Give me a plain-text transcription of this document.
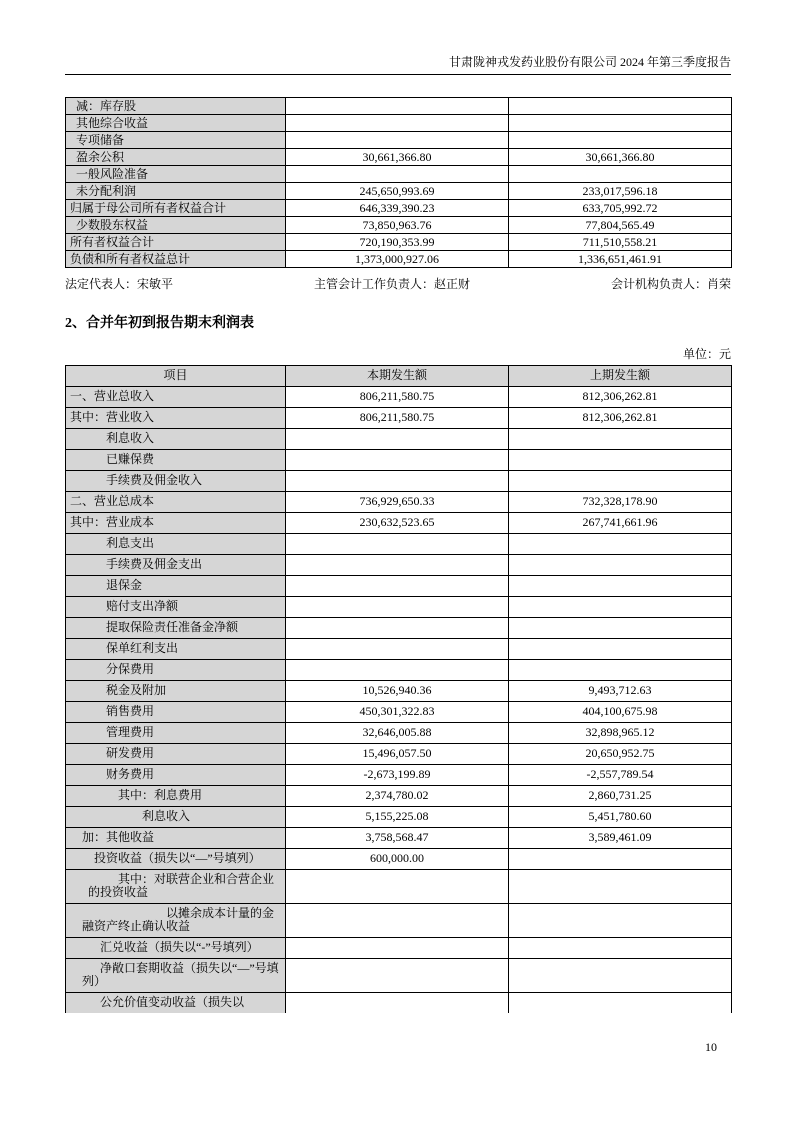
甘肃陇神戎发药业股份有限公司 2024 年第三季度报告
减：库存股		
其他综合收益		
专项储备		
盈余公积	30,661,366.80	30,661,366.80
一般风险准备		
未分配利润	245,650,993.69	233,017,596.18
归属于母公司所有者权益合计	646,339,390.23	633,705,992.72
少数股东权益	73,850,963.76	77,804,565.49
所有者权益合计	720,190,353.99	711,510,558.21
负债和所有者权益总计	1,373,000,927.06	1,336,651,461.91
法定代表人：宋敏平	主管会计工作负责人：赵正财	会计机构负责人：肖荣
2、合并年初到报告期末利润表
单位：元
项目	本期发生额	上期发生额
一、营业总收入	806,211,580.75	812,306,262.81
其中：营业收入	806,211,580.75	812,306,262.81
利息收入		
已赚保费		
手续费及佣金收入		
二、营业总成本	736,929,650.33	732,328,178.90
其中：营业成本	230,632,523.65	267,741,661.96
利息支出		
手续费及佣金支出		
退保金		
赔付支出净额		
提取保险责任准备金净额		
保单红利支出		
分保费用		
税金及附加	10,526,940.36	9,493,712.63
销售费用	450,301,322.83	404,100,675.98
管理费用	32,646,005.88	32,898,965.12
研发费用	15,496,057.50	20,650,952.75
财务费用	-2,673,199.89	-2,557,789.54
其中：利息费用	2,374,780.02	2,860,731.25
利息收入	5,155,225.08	5,451,780.60
加：其他收益	3,758,568.47	3,589,461.09
投资收益（损失以“—”号填列）	600,000.00	
其中：对联营企业和合营企业的投资收益		
以摊余成本计量的金融资产终止确认收益		
汇兑收益（损失以“-”号填列）		
净敞口套期收益（损失以“—”号填列）		
公允价值变动收益（损失以		
10
